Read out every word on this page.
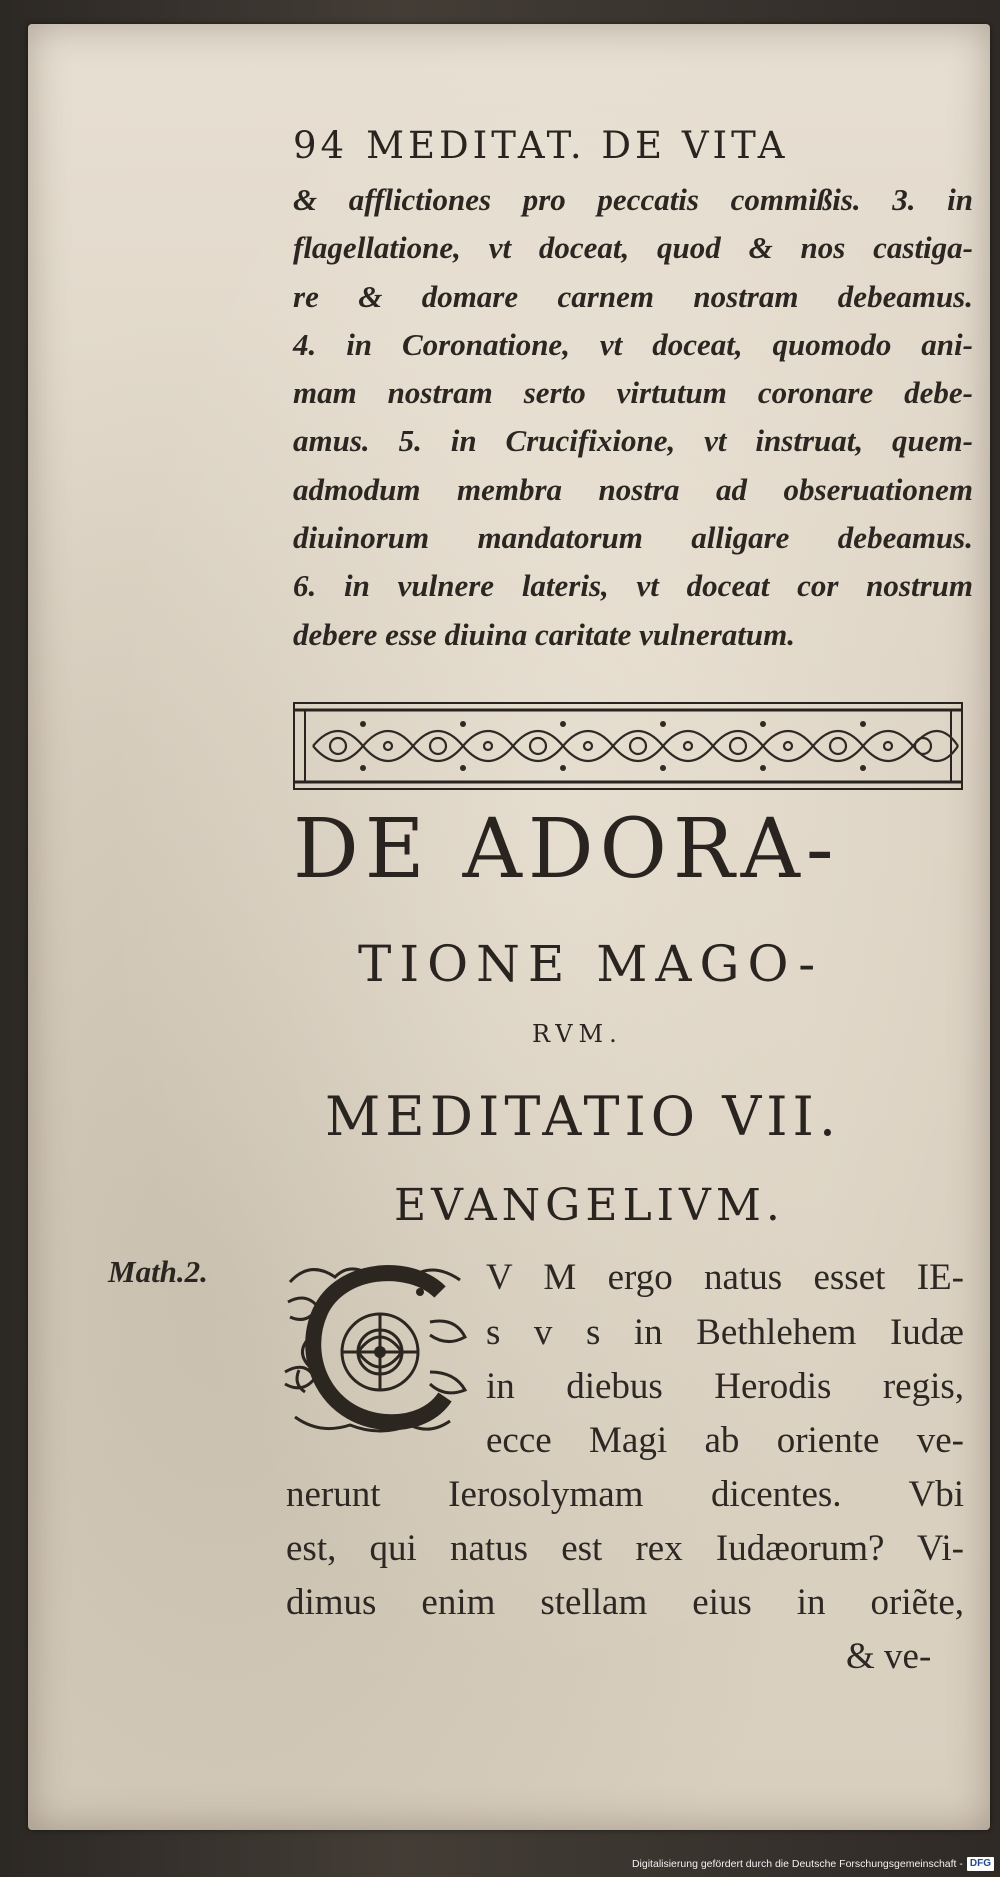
94 MEDITAT. DE VITA
& afflictiones pro peccatis commißis. 3. in
flagellatione, vt doceat, quod & nos castiga-
re & domare carnem nostram debeamus.
4. in Coronatione, vt doceat, quomodo ani-
mam nostram serto virtutum coronare debe-
amus. 5. in Crucifixione, vt instruat, quem-
admodum membra nostra ad obseruationem
diuinorum mandatorum alligare debeamus.
6. in vulnere lateris, vt doceat cor nostrum
debere esse diuina caritate vulneratum.
DE ADORA-
TIONE MAGO-
RVM.
MEDITATIO VII.
EVANGELIVM.
Math.2.	V M ergo natus esset IE-
s v s in Bethlehem Iudæ
in diebus Herodis regis,
ecce Magi ab oriente ve-
nerunt Ierosolymam dicentes. Vbi
est, qui natus est rex Iudæorum? Vi-
dimus enim stellam eius in oriẽte,
& ve-
Digitalisierung gefördert durch die Deutsche Forschungsgemeinschaft - DFG
